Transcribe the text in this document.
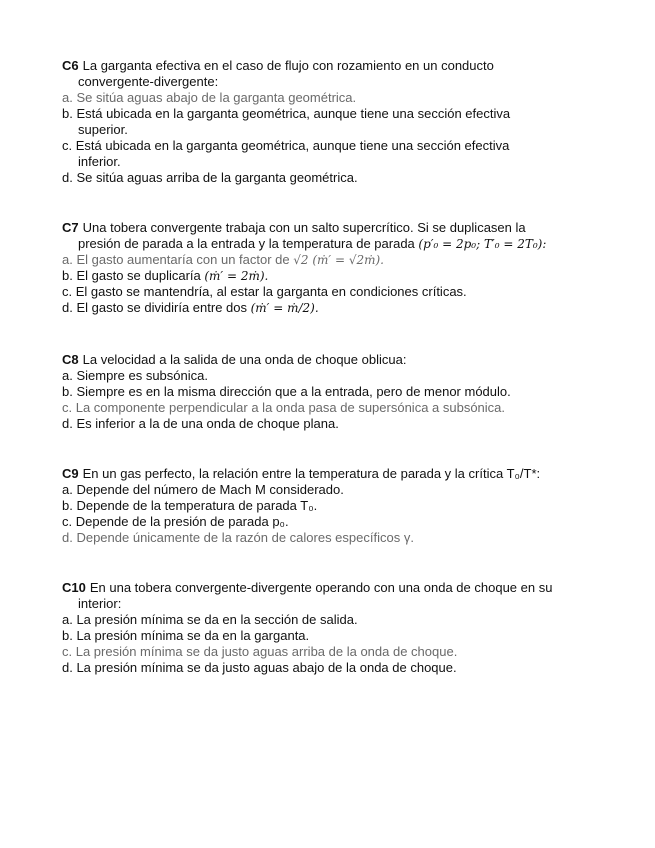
C6 La garganta efectiva en el caso de flujo con rozamiento en un conducto
convergente-divergente:
a. Se sitúa aguas abajo de la garganta geométrica.
b. Está ubicada en la garganta geométrica, aunque tiene una sección efectiva
superior.
c. Está ubicada en la garganta geométrica, aunque tiene una sección efectiva
inferior.
d. Se sitúa aguas arriba de la garganta geométrica.
C7 Una tobera convergente trabaja con un salto supercrítico. Si se duplicasen la
presión de parada a la entrada y la temperatura de parada (p′₀ = 2p₀; T′₀ = 2T₀):
a. El gasto aumentaría con un factor de √2 (ṁ′ = √2ṁ).
b. El gasto se duplicaría (ṁ′ = 2ṁ).
c. El gasto se mantendría, al estar la garganta en condiciones críticas.
d. El gasto se dividiría entre dos (ṁ′ = ṁ/2).
C8 La velocidad a la salida de una onda de choque oblicua:
a. Siempre es subsónica.
b. Siempre es en la misma dirección que a la entrada, pero de menor módulo.
c. La componente perpendicular a la onda pasa de supersónica a subsónica.
d. Es inferior a la de una onda de choque plana.
C9 En un gas perfecto, la relación entre la temperatura de parada y la crítica T₀/T*:
a. Depende del número de Mach M considerado.
b. Depende de la temperatura de parada T₀.
c. Depende de la presión de parada p₀.
d. Depende únicamente de la razón de calores específicos γ.
C10 En una tobera convergente-divergente operando con una onda de choque en su
interior:
a. La presión mínima se da en la sección de salida.
b. La presión mínima se da en la garganta.
c. La presión mínima se da justo aguas arriba de la onda de choque.
d. La presión mínima se da justo aguas abajo de la onda de choque.
